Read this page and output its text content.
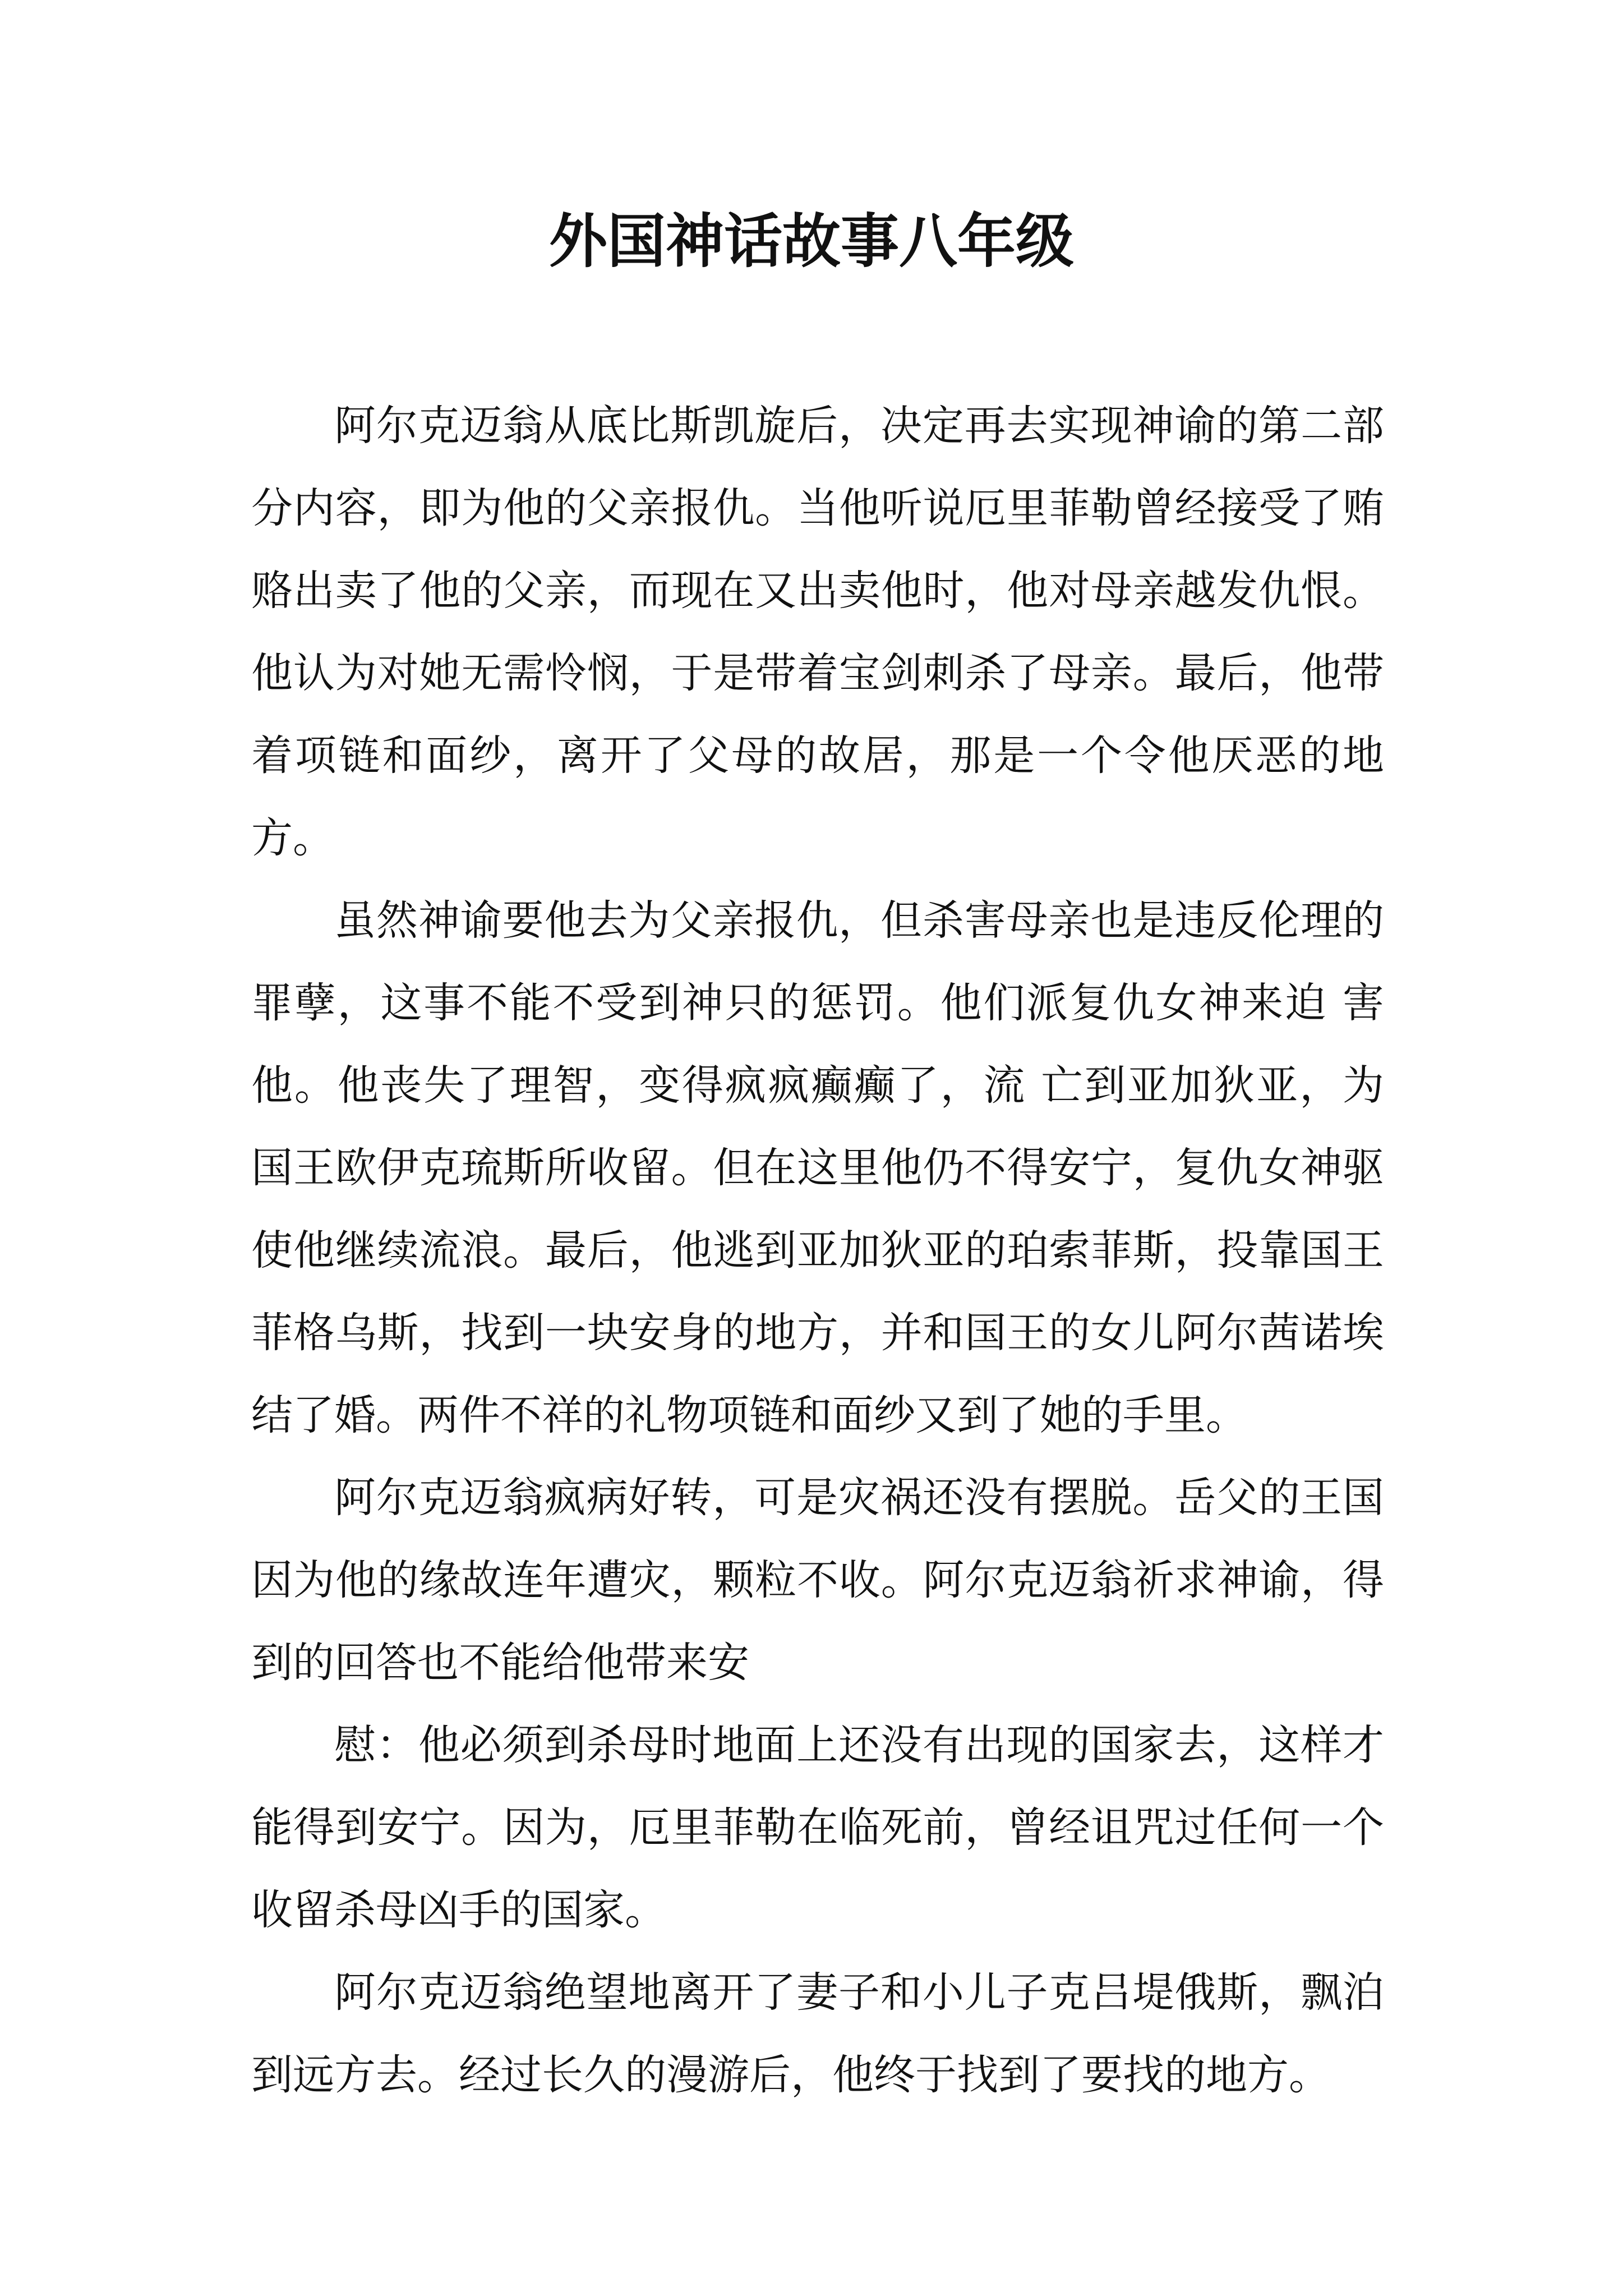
外国神话故事八年级

阿尔克迈翁从底比斯凯旋后，决定再去实现神谕的第二部分内容，即为他的父亲报仇。当他听说厄里菲勒曾经接受了贿 赂出卖了他的父亲，而现在又出卖他时，他对母亲越发仇恨。他认为对她无需怜悯，于是带着宝剑刺杀了母亲。最后，他带着项链和面纱，离开了父母的故居，那是一个令他厌恶的地方。

虽然神谕要他去为父亲报仇，但杀害母亲也是违反伦理的罪孽，这事不能不受到神只的惩罚。他们派复仇女神来迫 害他。他丧失了理智，变得疯疯癫癫了，流 亡到亚加狄亚，为国王欧伊克琉斯所收留。但在这里他仍不得安宁，复仇女神驱使他继续流浪。最后，他逃到亚加狄亚的珀索菲斯，投靠国王菲格乌斯，找到一块安身的地方，并和国王的女儿阿尔茜诺埃结了婚。两件不祥的礼物项链和面纱又到了她的手里。

阿尔克迈翁疯病好转，可是灾祸还没有摆脱。岳父的王国因为他的缘故连年遭灾，颗粒不收。阿尔克迈翁祈求神谕，得到的回答也不能给他带来安

慰：他必须到杀母时地面上还没有出现的国家去，这样才能得到安宁。因为，厄里菲勒在临死前，曾经诅咒过任何一个收留杀母凶手的国家。

阿尔克迈翁绝望地离开了妻子和小儿子克吕堤俄斯，飘泊到远方去。经过长久的漫游后，他终于找到了要找的地方。
